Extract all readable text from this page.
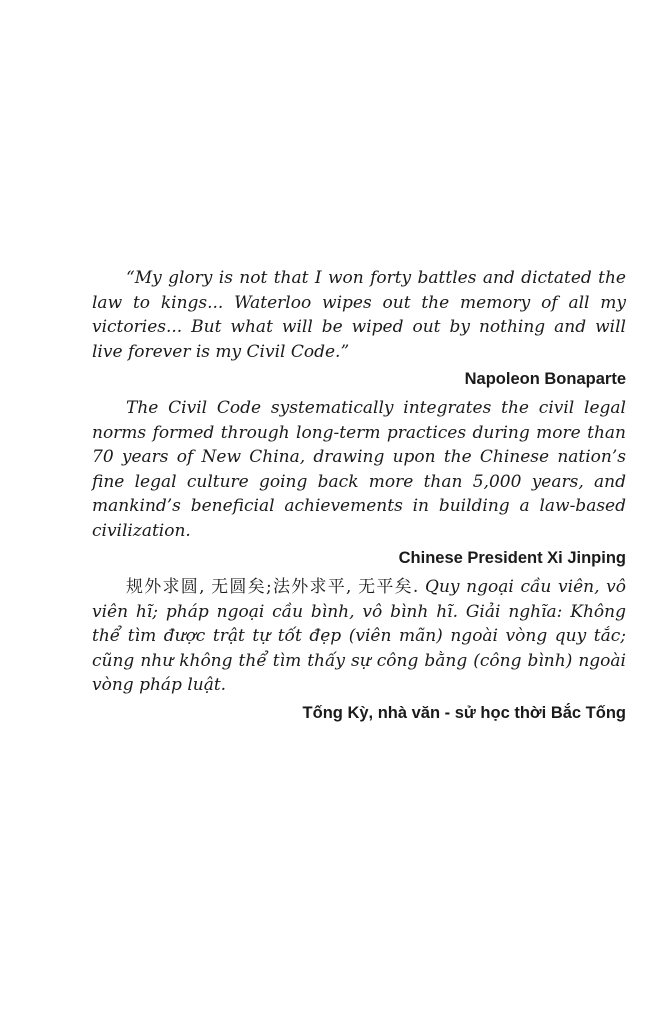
“My glory is not that I won forty battles and dictated the law to kings... Waterloo wipes out the memory of all my victories... But what will be wiped out by nothing and will live forever is my Civil Code.”

Napoleon Bonaparte

The Civil Code systematically integrates the civil legal norms formed through long-term practices during more than 70 years of New China, drawing upon the Chinese nation’s fine legal culture going back more than 5,000 years, and mankind’s beneficial achievements in building a law-based civilization.

Chinese President Xi Jinping

规外求圆, 无圆矣;法外求平, 无平矣. Quy ngoại cầu viên, vô viên hĩ; pháp ngoại cầu bình, vô bình hĩ. Giải nghĩa: Không thể tìm được trật tự tốt đẹp (viên mãn) ngoài vòng quy tắc; cũng như không thể tìm thấy sự công bằng (công bình) ngoài vòng pháp luật.

Tống Kỳ, nhà văn - sử học thời Bắc Tống
